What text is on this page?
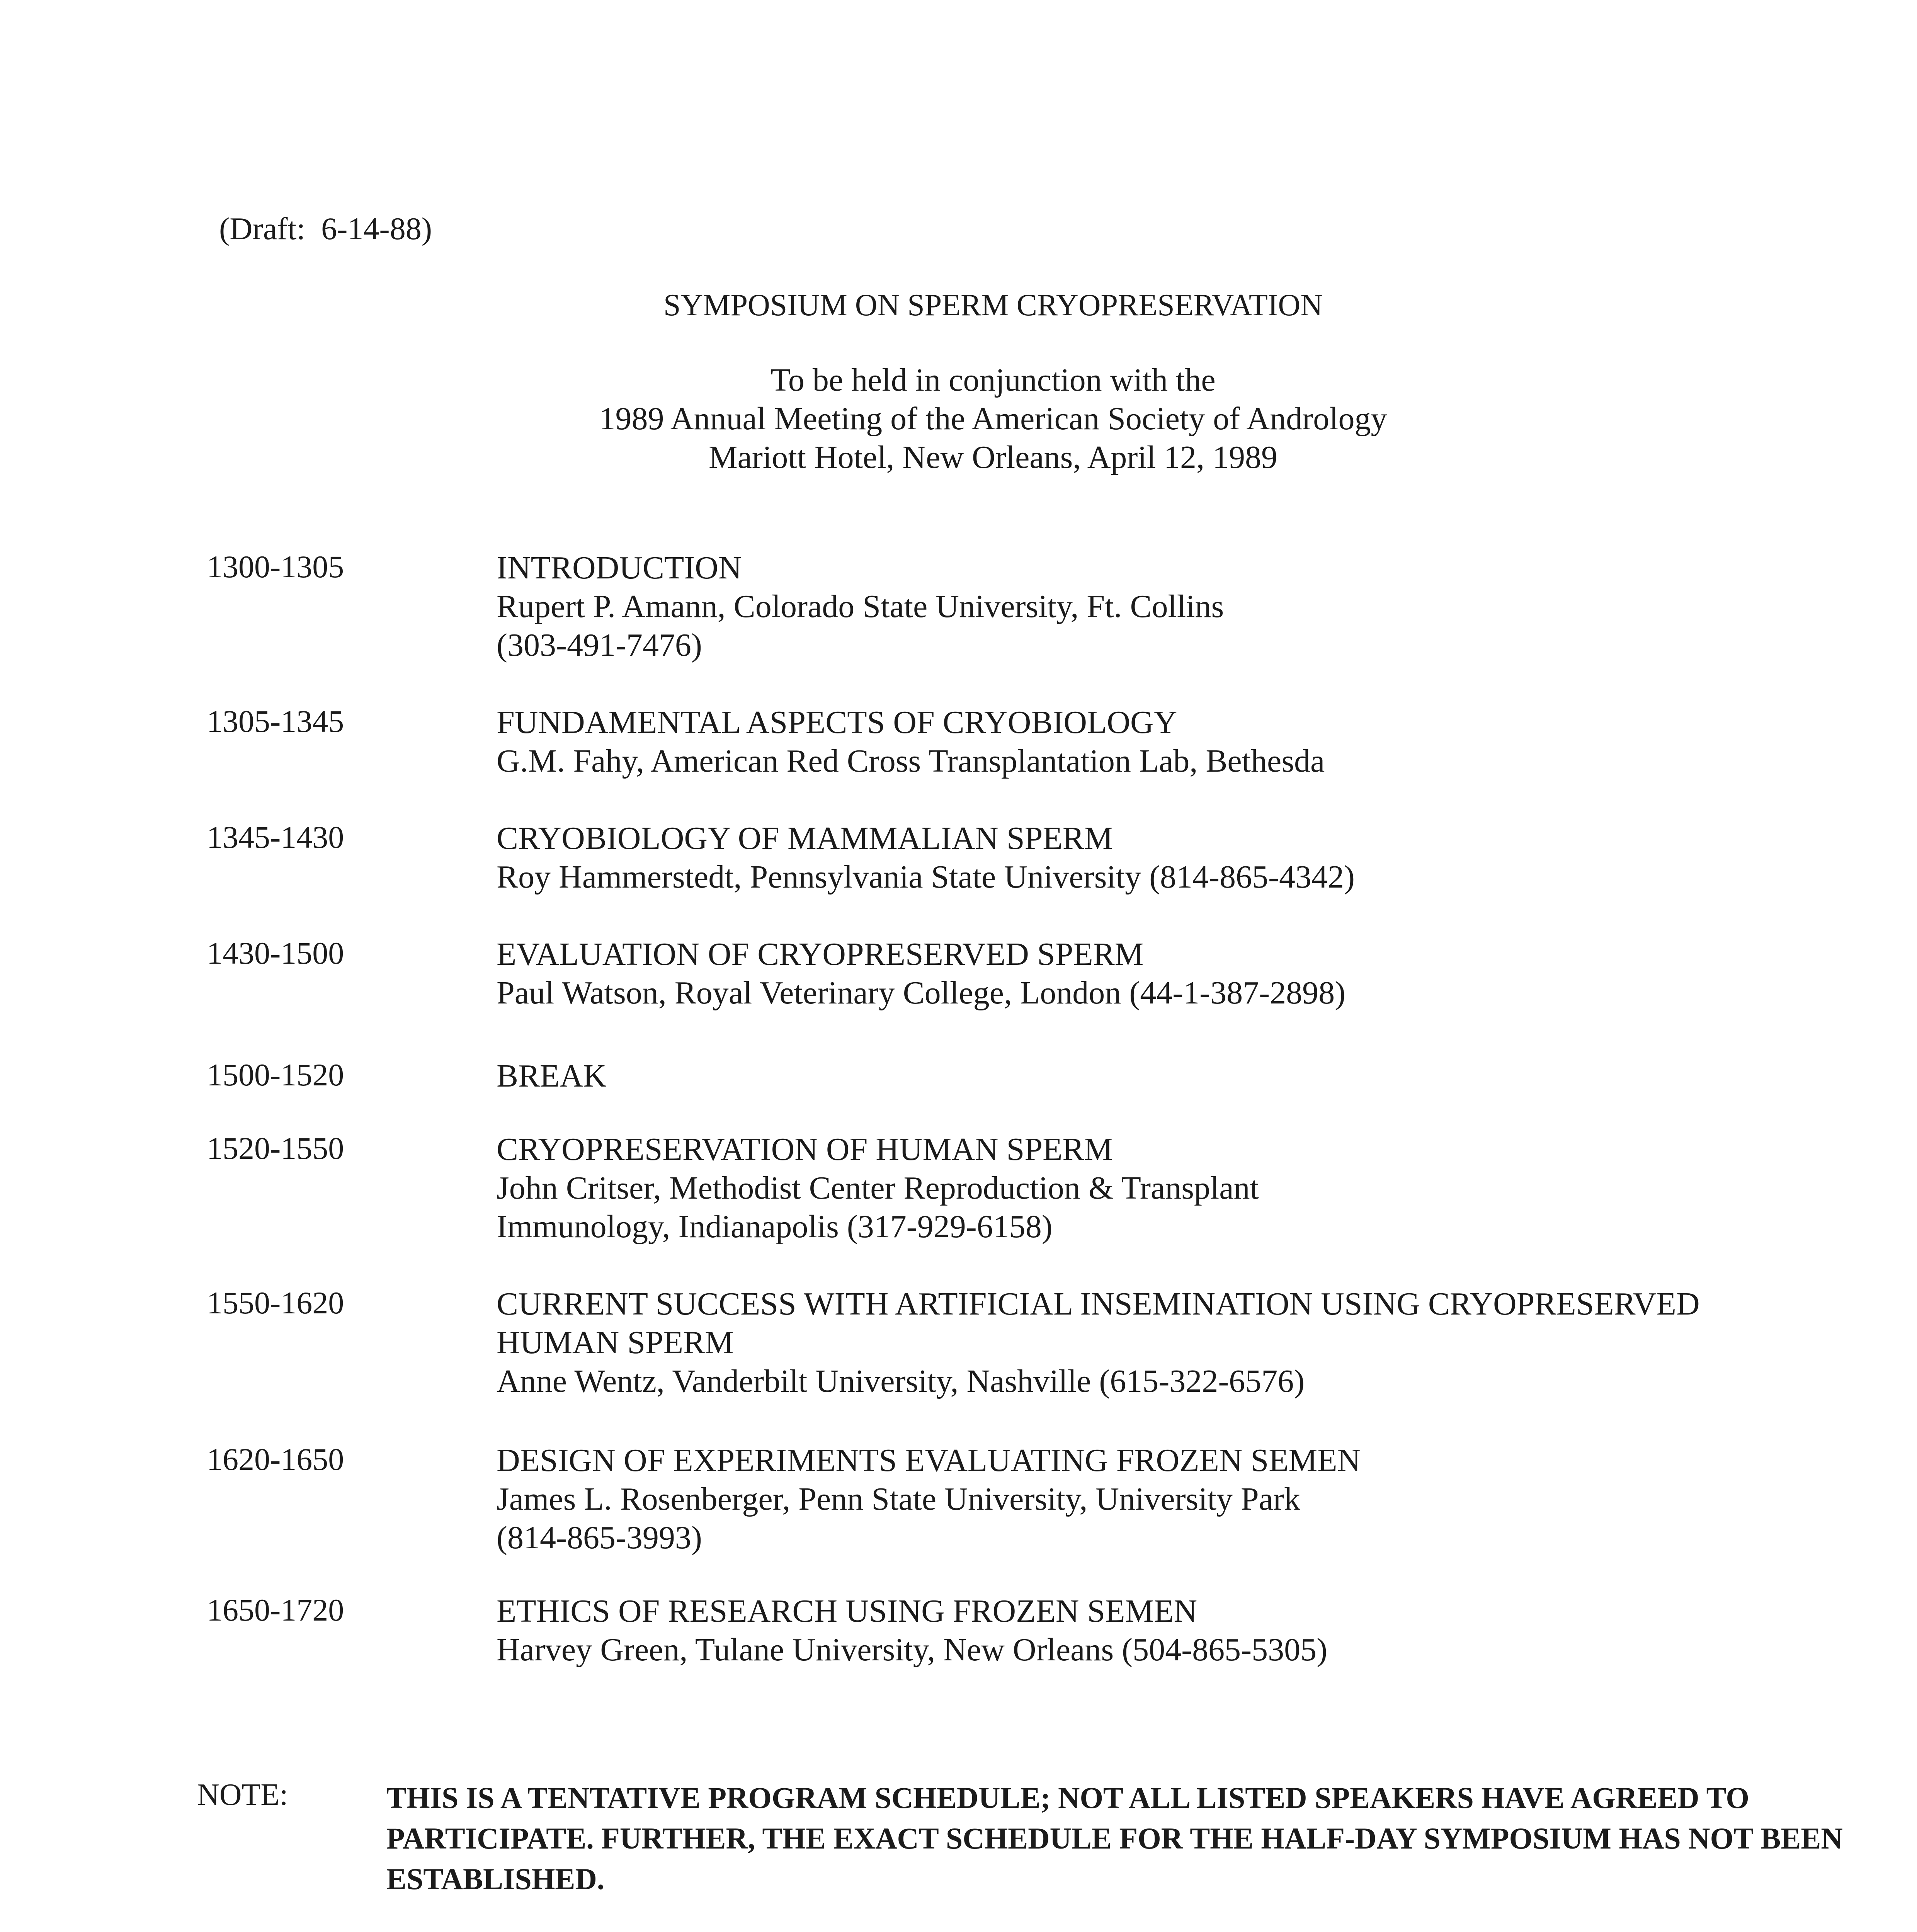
(Draft:  6-14-88)
SYMPOSIUM ON SPERM CRYOPRESERVATION
To be held in conjunction with the
1989 Annual Meeting of the American Society of Andrology
Mariott Hotel, New Orleans, April 12, 1989
1300-1305	INTRODUCTION
Rupert P. Amann, Colorado State University, Ft. Collins
(303-491-7476)
1305-1345	FUNDAMENTAL ASPECTS OF CRYOBIOLOGY
G.M. Fahy, American Red Cross Transplantation Lab, Bethesda
1345-1430	CRYOBIOLOGY OF MAMMALIAN SPERM
Roy Hammerstedt, Pennsylvania State University (814-865-4342)
1430-1500	EVALUATION OF CRYOPRESERVED SPERM
Paul Watson, Royal Veterinary College, London (44-1-387-2898)
1500-1520	BREAK
1520-1550	CRYOPRESERVATION OF HUMAN SPERM
John Critser, Methodist Center Reproduction & Transplant
Immunology, Indianapolis (317-929-6158)
1550-1620	CURRENT SUCCESS WITH ARTIFICIAL INSEMINATION USING CRYOPRESERVED
HUMAN SPERM
Anne Wentz, Vanderbilt University, Nashville (615-322-6576)
1620-1650	DESIGN OF EXPERIMENTS EVALUATING FROZEN SEMEN
James L. Rosenberger, Penn State University, University Park
(814-865-3993)
1650-1720	ETHICS OF RESEARCH USING FROZEN SEMEN
Harvey Green, Tulane University, New Orleans (504-865-5305)
NOTE:	THIS IS A TENTATIVE PROGRAM SCHEDULE; NOT ALL LISTED SPEAKERS HAVE AGREED TO PARTICIPATE. FURTHER, THE EXACT SCHEDULE FOR THE HALF-DAY SYMPOSIUM HAS NOT BEEN ESTABLISHED.
